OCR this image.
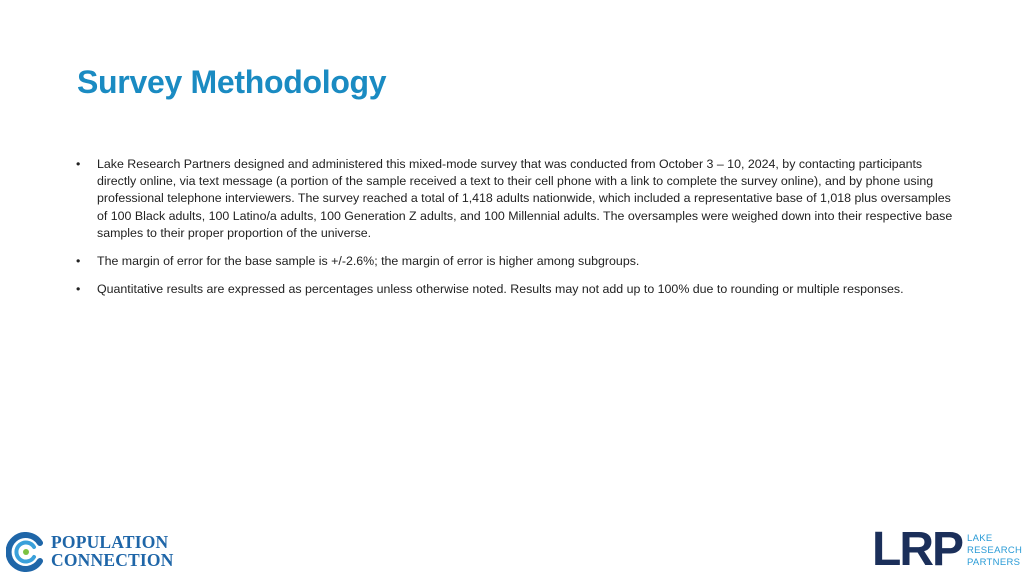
Survey Methodology
• Lake Research Partners designed and administered this mixed-mode survey that was conducted from October 3 – 10, 2024, by contacting participants directly online, via text message (a portion of the sample received a text to their cell phone with a link to complete the survey online), and by phone using professional telephone interviewers. The survey reached a total of 1,418 adults nationwide, which included a representative base of 1,018 plus oversamples of 100 Black adults, 100 Latino/a adults, 100 Generation Z adults, and 100 Millennial adults. The oversamples were weighed down into their respective base samples to their proper proportion of the universe.
• The margin of error for the base sample is +/-2.6%; the margin of error is higher among subgroups.
• Quantitative results are expressed as percentages unless otherwise noted. Results may not add up to 100% due to rounding or multiple responses.
POPULATION
CONNECTION	LRP LAKE
RESEARCH
PARTNERS
